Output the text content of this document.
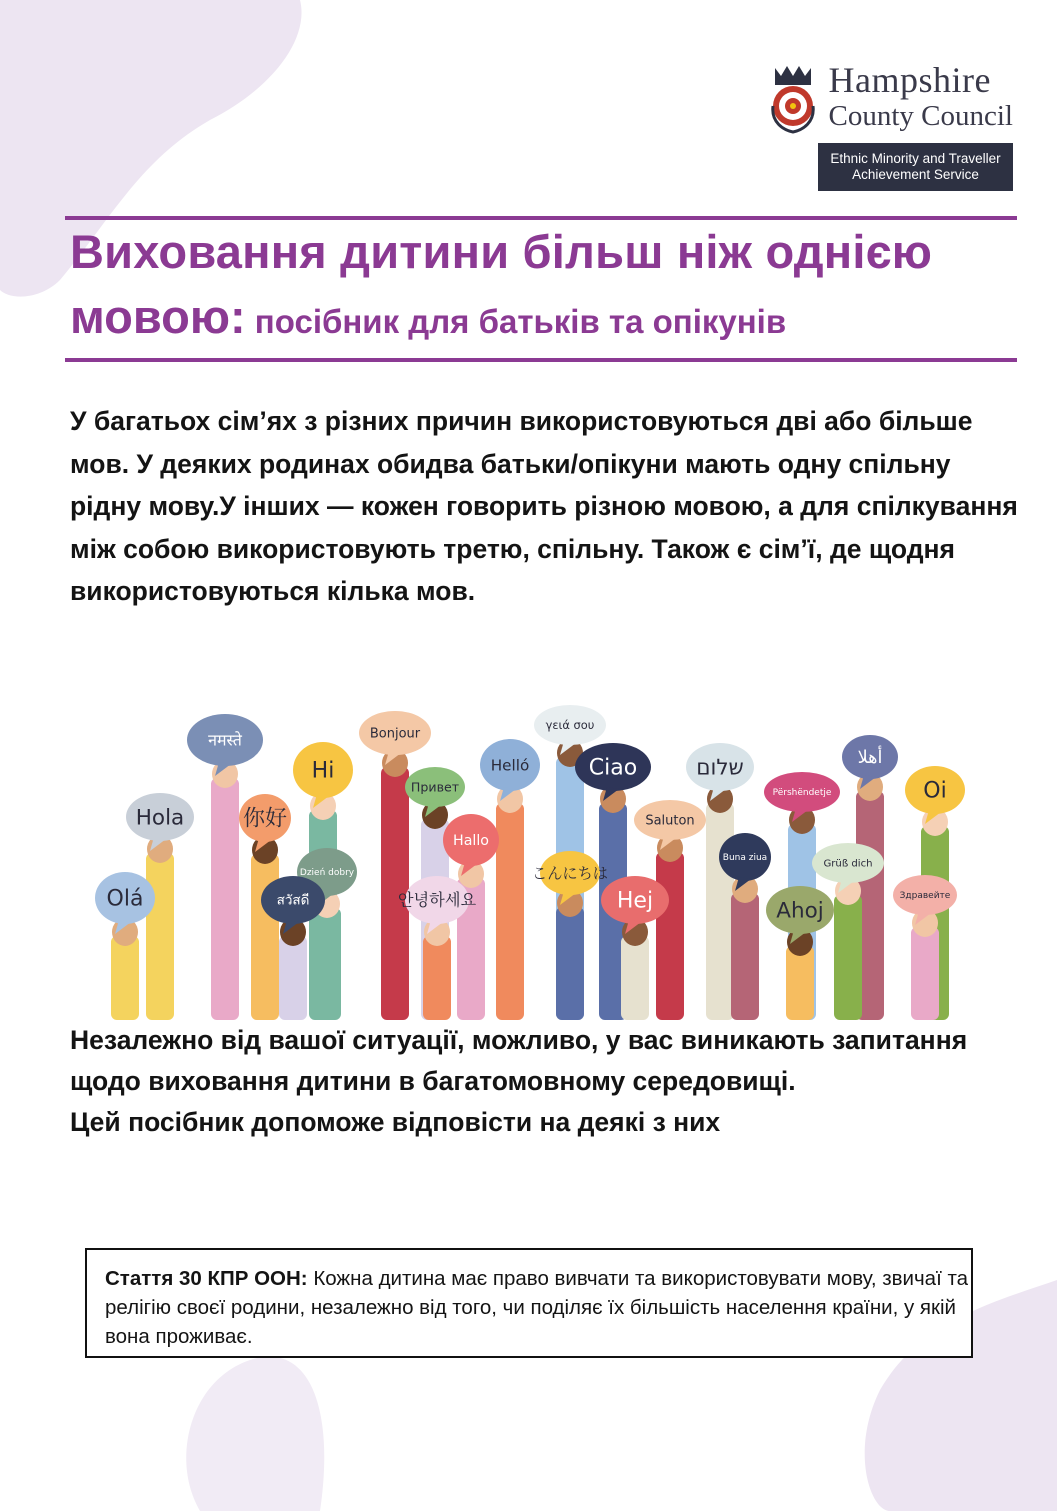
Hampshire
County Council
Ethnic Minority and Traveller
Achievement Service
Виховання дитини більш ніж однією
мовою: посібник для батьків та опікунів
У багатьох сім’ях з різних причин використовуються дві або більше мов. У деяких родинах обидва батьки/опікуни мають одну спільну рідну мову.У інших — кожен говорить різною мовою, а для спілкування між собою використовують третю, спільну. Також є сім’ї, де щодня використовуються кілька мов.
नमस्ते	Bonjour
γειά σου
Hola
Hi
Привет
Helló	Ciao	שלום	أهلا
Oi
你好
Hallo
Saluton
Përshëndetje
Olá
Dzień dobry
สวัสดี	안녕하세요
こんにちは
Hej
Buna ziua
Grüß dich
Ahoj
Здравейте

Незалежно від вашої ситуації, можливо, у вас виникають запитання щодо виховання дитини в багатомовному середовищі.

Цей посібник допоможе відповісти на деякі з них

Стаття 30 КПР ООН: Кожна дитина має право вивчати та використовувати мову, звичаї та релігію своєї родини, незалежно від того, чи поділяє їх більшість населення країни, у якій вона проживає.
